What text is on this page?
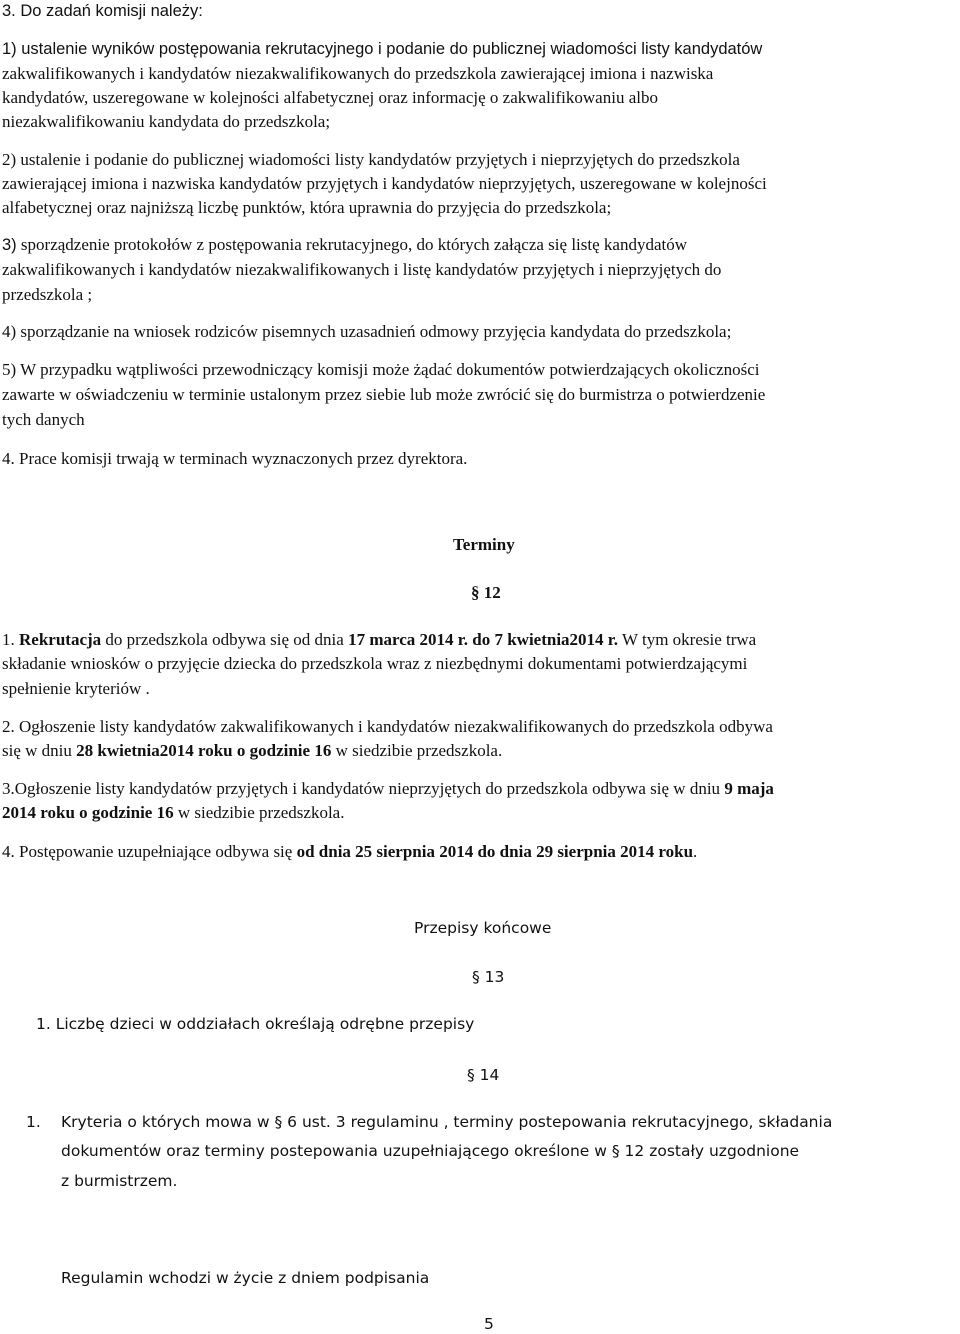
3. Do zadań komisji należy:
1) ustalenie wyników postępowania rekrutacyjnego i podanie do publicznej wiadomości listy kandydatów
zakwalifikowanych i kandydatów niezakwalifikowanych do przedszkola zawierającej imiona i nazwiska
kandydatów, uszeregowane w kolejności alfabetycznej oraz informację o zakwalifikowaniu albo
niezakwalifikowaniu kandydata do przedszkola;
2) ustalenie i podanie do publicznej wiadomości listy kandydatów przyjętych i nieprzyjętych do przedszkola
zawierającej imiona i nazwiska kandydatów przyjętych i kandydatów nieprzyjętych, uszeregowane w kolejności
alfabetycznej oraz najniższą liczbę punktów, która uprawnia do przyjęcia do przedszkola;
3) sporządzenie protokołów z postępowania rekrutacyjnego, do których załącza się listę kandydatów
zakwalifikowanych i kandydatów niezakwalifikowanych i listę kandydatów przyjętych i nieprzyjętych do
przedszkola ;
4) sporządzanie na wniosek rodziców pisemnych uzasadnień odmowy przyjęcia kandydata do przedszkola;
5) W przypadku wątpliwości przewodniczący komisji może żądać dokumentów potwierdzających okoliczności
zawarte w oświadczeniu w terminie ustalonym przez siebie lub może zwrócić się do burmistrza o potwierdzenie
tych danych
4. Prace komisji trwają w terminach wyznaczonych przez dyrektora.
Terminy
§ 12
1. Rekrutacja do przedszkola odbywa się od dnia 17 marca 2014 r. do 7 kwietnia2014 r. W tym okresie trwa
składanie wniosków o przyjęcie dziecka do przedszkola wraz z niezbędnymi dokumentami potwierdzającymi
spełnienie kryteriów .
2. Ogłoszenie listy kandydatów zakwalifikowanych i kandydatów niezakwalifikowanych do przedszkola odbywa
się w dniu 28 kwietnia2014 roku o godzinie 16 w siedzibie przedszkola.
3.Ogłoszenie listy kandydatów przyjętych i kandydatów nieprzyjętych do przedszkola odbywa się w dniu 9 maja
2014 roku o godzinie 16 w siedzibie przedszkola.
4. Postępowanie uzupełniające odbywa się od dnia 25 sierpnia 2014 do dnia 29 sierpnia 2014 roku.
Przepisy końcowe
§ 13
1. Liczbę dzieci w oddziałach określają odrębne przepisy
§ 14
1. Kryteria o których mowa w § 6 ust. 3 regulaminu , terminy postepowania rekrutacyjnego, składania
dokumentów oraz terminy postepowania uzupełniającego określone w § 12 zostały uzgodnione
z burmistrzem.
Regulamin wchodzi w życie z dniem podpisania
5
